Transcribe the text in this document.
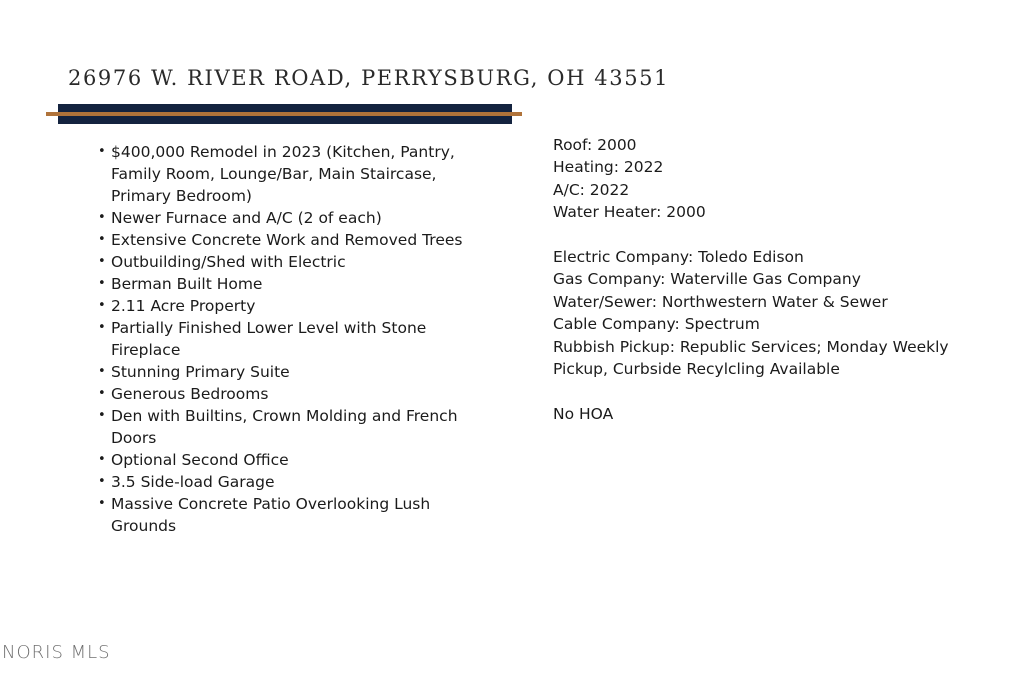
26976 W. RIVER ROAD, PERRYSBURG, OH 43551
• $400,000 Remodel in 2023 (Kitchen, Pantry, Family Room, Lounge/Bar, Main Staircase, Primary Bedroom)
• Newer Furnace and A/C (2 of each)
• Extensive Concrete Work and Removed Trees
• Outbuilding/Shed with Electric
• Berman Built Home
• 2.11 Acre Property
• Partially Finished Lower Level with Stone Fireplace
• Stunning Primary Suite
• Generous Bedrooms
• Den with Builtins, Crown Molding and French Doors
• Optional Second Office
• 3.5 Side-load Garage
• Massive Concrete Patio Overlooking Lush Grounds
Roof: 2000
Heating: 2022
A/C: 2022
Water Heater: 2000
Electric Company: Toledo Edison
Gas Company: Waterville Gas Company
Water/Sewer: Northwestern Water & Sewer
Cable Company: Spectrum
Rubbish Pickup: Republic Services; Monday Weekly Pickup, Curbside Recylcling Available
No HOA
NORIS MLS
